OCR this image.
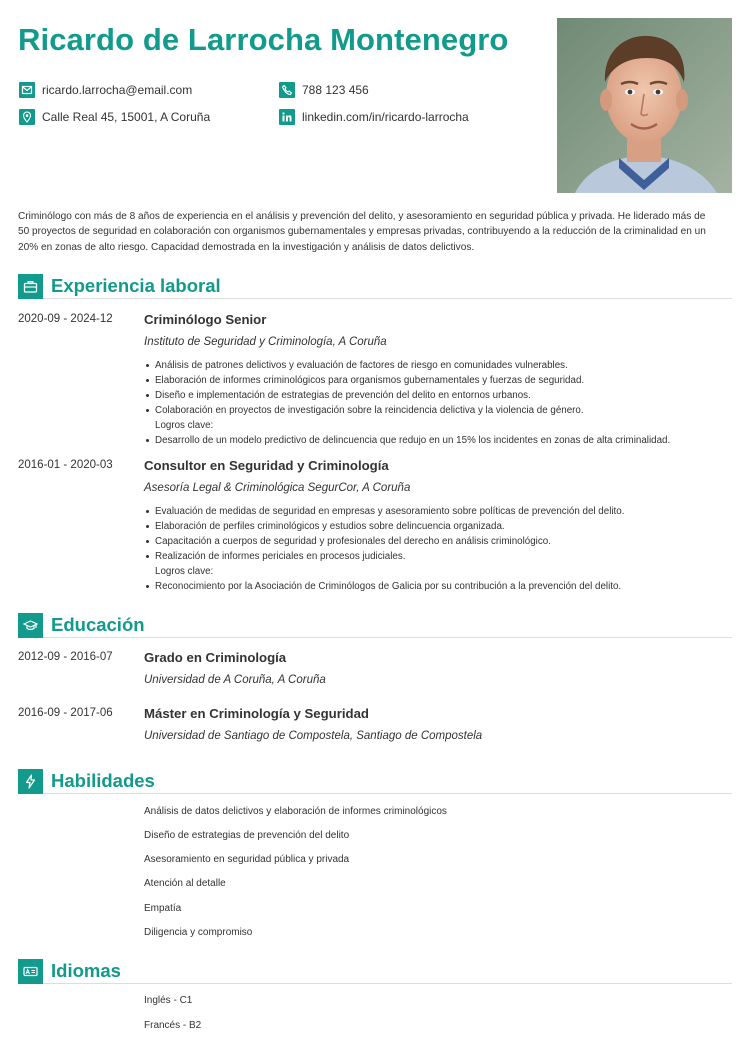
Ricardo de Larrocha Montenegro
ricardo.larrocha@email.com	788 123 456
Calle Real 45, 15001, A Coruña	linkedin.com/in/ricardo-larrocha

Criminólogo con más de 8 años de experiencia en el análisis y prevención del delito, y asesoramiento en seguridad pública y privada. He liderado más de 50 proyectos de seguridad en colaboración con organismos gubernamentales y empresas privadas, contribuyendo a la reducción de la criminalidad en un 20% en zonas de alto riesgo. Capacidad demostrada en la investigación y análisis de datos delictivos.

Experiencia laboral
2020-09 - 2024-12 Criminólogo Senior
Instituto de Seguridad y Criminología, A Coruña
Análisis de patrones delictivos y evaluación de factores de riesgo en comunidades vulnerables.
Elaboración de informes criminológicos para organismos gubernamentales y fuerzas de seguridad.
Diseño e implementación de estrategias de prevención del delito en entornos urbanos.
Colaboración en proyectos de investigación sobre la reincidencia delictiva y la violencia de género.
Logros clave:
Desarrollo de un modelo predictivo de delincuencia que redujo en un 15% los incidentes en zonas de alta criminalidad.
2016-01 - 2020-03 Consultor en Seguridad y Criminología
Asesoría Legal & Criminológica SegurCor, A Coruña
Evaluación de medidas de seguridad en empresas y asesoramiento sobre políticas de prevención del delito.
Elaboración de perfiles criminológicos y estudios sobre delincuencia organizada.
Capacitación a cuerpos de seguridad y profesionales del derecho en análisis criminológico.
Realización de informes periciales en procesos judiciales.
Logros clave:
Reconocimiento por la Asociación de Criminólogos de Galicia por su contribución a la prevención del delito.
Educación
2012-09 - 2016-07 Grado en Criminología
Universidad de A Coruña, A Coruña
2016-09 - 2017-06 Máster en Criminología y Seguridad
Universidad de Santiago de Compostela, Santiago de Compostela
Habilidades
Análisis de datos delictivos y elaboración de informes criminológicos
Diseño de estrategias de prevención del delito
Asesoramiento en seguridad pública y privada
Atención al detalle
Empatía
Diligencia y compromiso
Idiomas
Inglés - C1
Francés - B2
